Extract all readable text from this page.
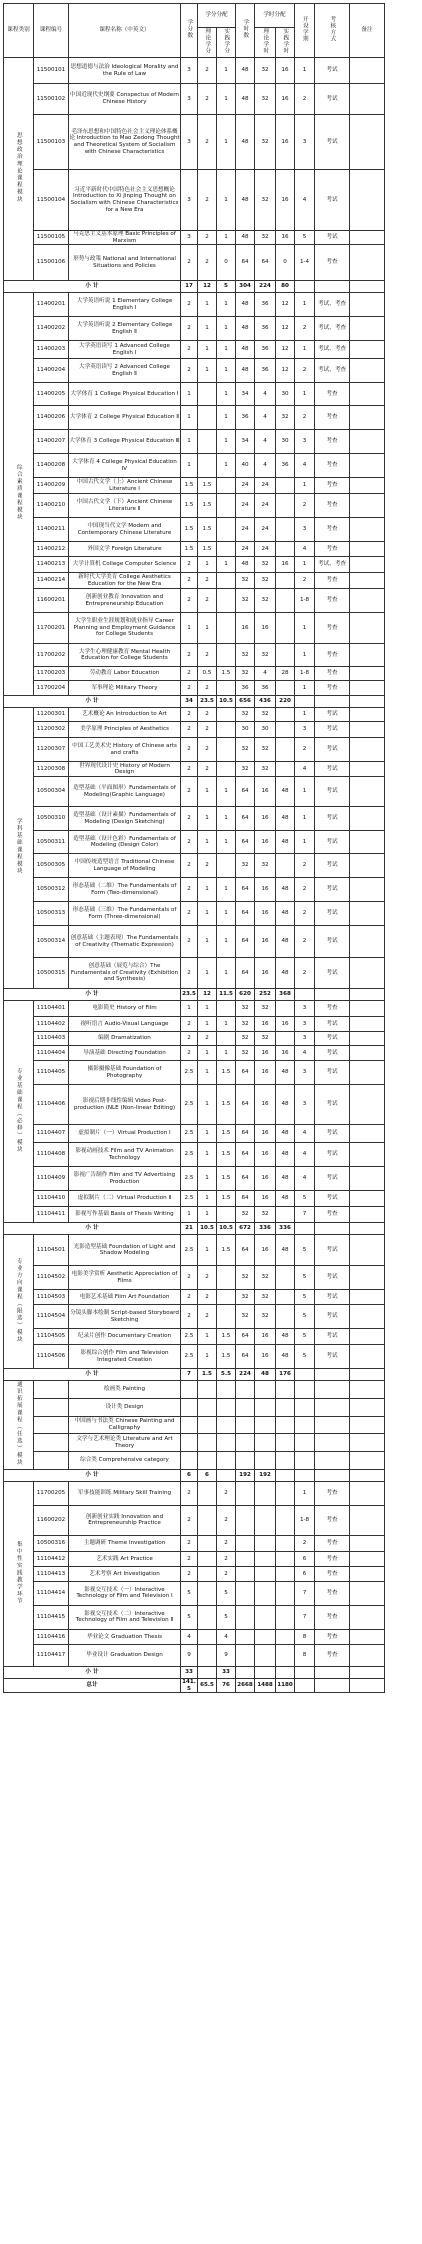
课程类别	课程编号	课程名称（中英文）	学分数	学分分配		学时数	学时分配		开设学期	考核方式	备注
				理论学分	实践学分		理论学时	实践学时			
思想政治理论课程模块	11500101	思想道德与法治 Ideological Morality and the Rule of Law	3	2	1	48	32	16	1	考试	
	11500102	中国近现代史纲要 Conspectus of Modern Chinese History	3	2	1	48	32	16	2	考试	
	11500103	毛泽东思想和中国特色社会主义理论体系概论 Introduction to Mao Zedong Thought and Theoretical System of Socialism with Chinese Characteristics	3	2	1	48	32	16	3	考试	
	11500104	习近平新时代中国特色社会主义思想概论 Introduction to Xi Jinping Thought on Socialism with Chinese Characteristics for a New Era	3	2	1	48	32	16	4	考试	
	11500105	马克思主义基本原理 Basic Principles of Marxism	3	2	1	48	32	16	5	考试	
	11500106	形势与政策 National and International Situations and Policies	2	2	0	64	64	0	1-4	考查	
小 计			17	12	5	304	224	80			
综合素质课程模块	11400201	大学英语听说 1 Elementary College English Ⅰ	2	1	1	48	36	12	1	考试、考查	
	11400202	大学英语听说 2 Elementary College English Ⅱ	2	1	1	48	36	12	2	考试、考查	
	11400203	大学英语读写 1 Advanced College English Ⅰ	2	1	1	48	36	12	1	考试、考查	
	11400204	大学英语读写 2 Advanced College English Ⅱ	2	1	1	48	36	12	2	考试、考查	
	11400205	大学体育 1 College Physical Education Ⅰ	1		1	34	4	30	1	考查	
	11400206	大学体育 2 College Physical Education Ⅱ	1		1	36	4	32	2	考查	
	11400207	大学体育 3 College Physical Education Ⅲ	1		1	34	4	30	3	考查	
	11400208	大学体育 4 College Physical Education Ⅳ	1		1	40	4	36	4	考查	
	11400209	中国古代文学（上）Ancient Chinese Literature Ⅰ	1.5	1.5		24	24		1	考查	
	11400210	中国古代文学（下）Ancient Chinese Literature Ⅱ	1.5	1.5		24	24		2	考查	
	11400211	中国现当代文学 Modern and Contemporary Chinese Literature	1.5	1.5		24	24		3	考查	
	11400212	外国文学 Foreign Literature	1.5	1.5		24	24		4	考查	
	11400213	大学计算机 College Computer Science	2	1	1	48	32	16	1	考试、考查	
	11400214	新时代大学美育 College Aesthetics Education for the New Era	2	2		32	32		2	考查	
	11600201	创新创业教育 Innovation and Entrepreneurship Education	2	2		32	32		1-8	考查	
	11700201	大学生职业生涯规划和就业指导 Career Planning and Employment Guidance for College Students	1	1		16	16		1	考查	
	11700202	大学生心理健康教育 Mental Health Education for College Students	2	2		32	32		1	考查	
	11700203	劳动教育 Labor Education	2	0.5	1.5	32	4	28	1-8	考查	
	11700204	军事理论 Military Theory	2	2		36	36		1	考查	
小 计			34	23.5	10.5	656	436	220			
学科基础课程模块	11200301	艺术概论 An Introduction to Art	2	2		32	32		1	考试	
	11200302	美学原理 Principles of Aesthetics	2	2		30	30		3	考试	
	11200307	中国工艺美术史 History of Chinese arts and crafts	2	2		32	32		2	考试	
	11200308	世界现代设计史 History of Modern Design	2	2		32	32		4	考试	
	10500304	造型基础（平面图形）Fundamentals of Modeling(Graphic Language)	2	1	1	64	16	48	1	考试	
	10500310	造型基础（设计素描）Fundamentals of Modeling (Design Sketching)	2	1	1	64	16	48	1	考试	
	10500311	造型基础（设计色彩）Fundamentals of Modeling (Design Color)	2	1	1	64	16	48	1	考试	
	10500305	中国传统造型语言 Traditional Chinese Language of Modeling	2	2		32	32		2	考试	
	10500312	形态基础（二维）The Fundamentals of Form (Two-dimensional)	2	1	1	64	16	48	2	考试	
	10500313	形态基础（三维）The Fundamentals of Form (Three-dimensional)	2	1	1	64	16	48	2	考试	
	10500314	创意基础（主题表现）The Fundamentals of Creativity (Thematic Expression)	2	1	1	64	16	48	2	考试	
	10500315	创意基础（展览与综合）The Fundamentals of Creativity (Exhibition and Synthesis)	2	1	1	64	16	48	2	考试	
小 计			23.5	12	11.5	620	252	368			
专业基础课程（必修）模块	11104401	电影简史 History of Film	1	1		32	32		3	考查	
	11104402	视听语言 Audio-Visual Language	2	1	1	32	16	16	3	考试	
	11104403	编剧 Dramatization	2	2		32	32		3	考试	
	11104404	导演基础 Directing Foundation	2	1	1	32	16	16	4	考试	
	11104405	摄影摄像基础 Foundation of Photography	2.5	1	1.5	64	16	48	3	考试	
	11104406	影视后期非线性编辑 Video Post-production (NLE (Non-linear Editing)	2.5	1	1.5	64	16	48	3	考试	
	11104407	虚拟制片（一）Virtual Production Ⅰ	2.5	1	1.5	64	16	48	4	考试	
	11104408	影视动画技术 Film and TV Animation Technology	2.5	1	1.5	64	16	48	4	考试	
	11104409	影视广告制作 Film and TV Advertising Production	2.5	1	1.5	64	16	48	4	考试	
	11104410	虚拟制片（二）Virtual Production Ⅱ	2.5	1	1.5	64	16	48	5	考试	
	11104411	影视写作基础 Basis of Thesis Writing	1	1		32	32		7	考查	
小 计			21	10.5	10.5	672	336	336			
专业方向课程（限选）模块	11104501	光影造型基础 Foundation of Light and Shadow Modeling	2.5	1	1.5	64	16	48	5	考试	
	11104502	电影美学赏析 Aesthetic Appreciation of Films	2	2		32	32		5	考试	
	11104503	电影艺术基础 Film Art Foundation	2	2		32	32		5	考试	
	11104504	分镜头脚本绘制 Script-based Storyboard Sketching	2	2		32	32		5	考试	
	11104505	纪录片创作 Documentary Creation	2.5	1	1.5	64	16	48	5	考试	
	11104506	影视综合创作 Film and Television Integrated Creation	2.5	1	1.5	64	16	48	5	考试	
小 计			7	1.5	5.5	224	48	176			
通识拓展课程（任选）模块		绘画类 Painting									
		设计类 Design									
		中国画与书法类 Chinese Painting and Calligraphy									
		文学与艺术理论类 Literature and Art Theory									
		综合类 Comprehensive category									
小 计			6	6		192	192				
集中性实践教学环节	11700205	军事技能训练 Military Skill Training	2		2				1	考查	
	11600202	创新创业实践 Innovation and Entrepreneurship Practice	2		2				1-8	考查	
	10500316	主题调研 Theme Investigation	2		2				2	考查	
	11104412	艺术实践 Art Practice	2		2				6	考查	
	11104413	艺术考察 Art Investigation	2		2				6	考查	
	11104414	影视交互技术（一）Interactive Technology of Film and Television Ⅰ	5		5				7	考查	
	11104415	影视交互技术（二）Interactive Technology of Film and Television Ⅱ	5		5				7	考查	
	11104416	毕业论文 Graduation Thesis	4		4				8	考查	
	11104417	毕业设计 Graduation Design	9		9				8	考查	
小 计			33		33						
总计			141.5	65.5	76	2668	1488	1180			
